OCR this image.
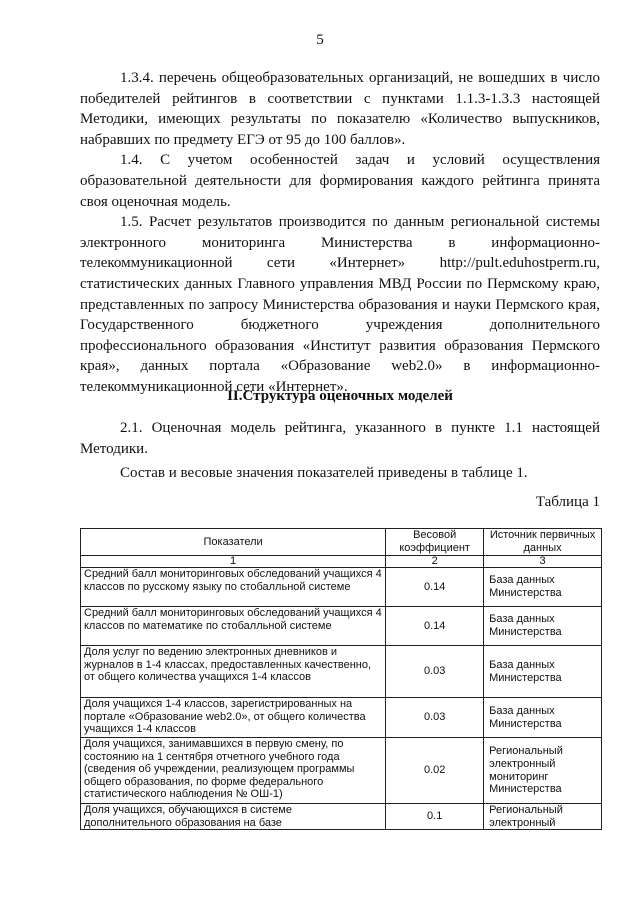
5

1.3.4. перечень общеобразовательных организаций, не вошедших в число победителей рейтингов в соответствии с пунктами 1.1.3-1.3.3 настоящей Методики, имеющих результаты по показателю «Количество выпускников, набравших по предмету ЕГЭ от 95 до 100 баллов».

1.4. С учетом особенностей задач и условий осуществления образовательной деятельности для формирования каждого рейтинга принята своя оценочная модель.

1.5. Расчет результатов производится по данным региональной системы электронного мониторинга Министерства в информационно-телекоммуникационной сети «Интернет» http://pult.eduhostperm.ru, статистических данных Главного управления МВД России по Пермскому краю, представленных по запросу Министерства образования и науки Пермского края, Государственного бюджетного учреждения дополнительного профессионального образования «Институт развития образования Пермского края», данных портала «Образование web2.0» в информационно-телекоммуникационной сети «Интернет».

II.Структура оценочных моделей

2.1. Оценочная модель рейтинга, указанного в пункте 1.1 настоящей Методики.

Состав и весовые значения показателей приведены в таблице 1.

Таблица 1
Показатели	Весовой коэффициент	Источник первичных данных
1	2	3
Средний балл мониторинговых обследований учащихся 4 классов по русскому языку по стобалльной системе	0.14	База данных Министерства
Средний балл мониторинговых обследований учащихся 4 классов по математике по стобалльной системе	0.14	База данных Министерства
Доля услуг по ведению электронных дневников и журналов в 1-4 классах, предоставленных качественно, от общего количества учащихся 1-4 классов	0.03	База данных Министерства
Доля учащихся 1-4 классов, зарегистрированных на портале «Образование web2.0», от общего количества учащихся 1-4 классов	0.03	База данных Министерства
Доля учащихся, занимавшихся в первую смену, по состоянию на 1 сентября отчетного учебного года (сведения об учреждении, реализующем программы общего образования, по форме федерального статистического наблюдения № ОШ-1)	0.02	Региональный электронный мониторинг Министерства
Доля учащихся, обучающихся в системе дополнительного образования на базе	0.1	Региональный электронный
